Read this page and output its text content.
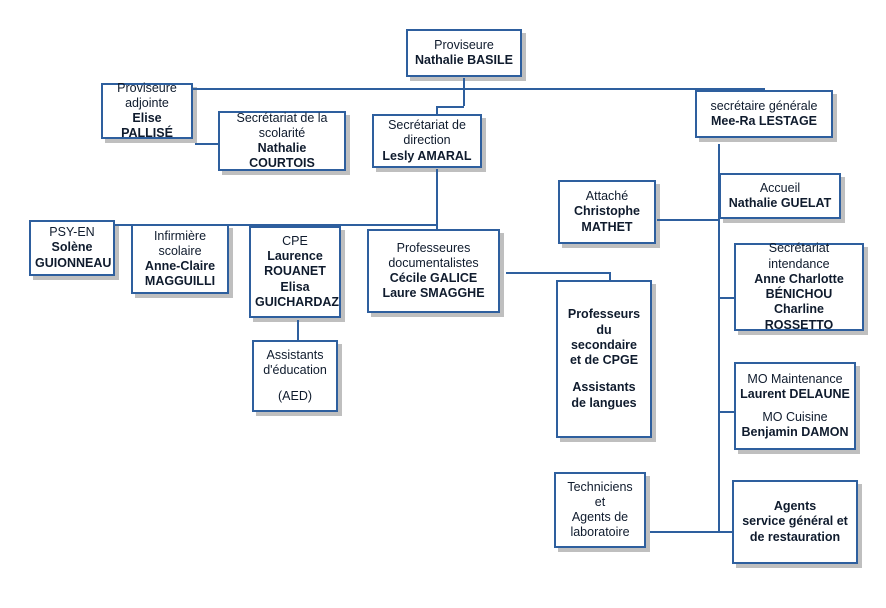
Proviseure
Nathalie BASILE
Proviseure
adjointe
Elise PALLISÉ
Secrétariat de la
scolarité
Nathalie COURTOIS
Secrétariat de
direction
Lesly AMARAL
secrétaire générale
Mee-Ra LESTAGE
Attaché
Christophe
MATHET
Accueil
Nathalie GUELAT
PSY-EN
Solène
GUIONNEAU
Infirmière
scolaire
Anne-Claire
MAGGUILLI
CPE
Laurence
ROUANET
Elisa
GUICHARDAZ
Professeures
documentalistes
Cécile GALICE
Laure SMAGGHE
Secrétariat
intendance
Anne Charlotte
BÉNICHOU
Charline ROSSETTO
Assistants
d'éducation
(AED)
Professeurs
du
secondaire
et de CPGE
Assistants
de langues
MO Maintenance
Laurent DELAUNE
MO Cuisine
Benjamin DAMON
Techniciens
et
Agents de
laboratoire
Agents
service général et
de restauration
